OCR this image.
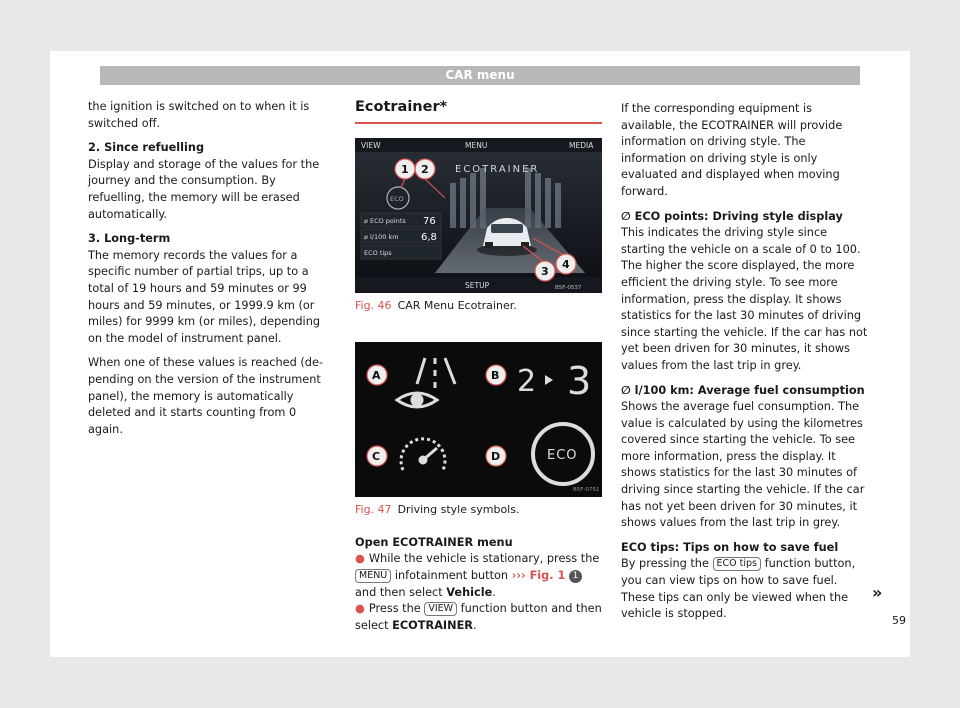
CAR menu

the ignition is switched on to when it is switched off.

2. Since refuelling
Display and storage of the values for the journey and the consumption. By refuelling, the memory will be erased automatically.

3. Long-term
The memory records the values for a specific number of partial trips, up to a total of 19 hours and 59 minutes or 99 hours and 59 minutes, or 1999.9 km (or miles) for 9999 km (or miles), depending on the model of instrument panel.

When one of these values is reached (depending on the version of the instrument panel), the memory is automatically deleted and it starts counting from 0 again.

Ecotrainer*
VIEW	MENU	MEDIA
ECOTRAINER
ECO
⌀ ECO points 76
⌀ l/100 km 6,8
ECO tips
SETUP	B5F-0537
1 2
3
4
Fig. 46 CAR Menu Ecotrainer.
2 3
ECO
A	B
C	D
B5F-0751
Fig. 47 Driving style symbols.
Open ECOTRAINER menu
● While the vehicle is stationary, press the MENU infotainment button ››› Fig. 1 1 and then select Vehicle.
● Press the VIEW function button and then select ECOTRAINER.

If the corresponding equipment is available, the ECOTRAINER will provide information on driving style. The information on driving style is only evaluated and displayed when moving forward.

∅ ECO points: Driving style display
This indicates the driving style since starting the vehicle on a scale of 0 to 100. The higher the score displayed, the more efficient the driving style. To see more information, press the display. It shows statistics for the last 30 minutes of driving since starting the vehicle. If the car has not yet been driven for 30 minutes, it shows values from the last trip in grey.

∅ l/100 km: Average fuel consumption
Shows the average fuel consumption. The value is calculated by using the kilometres covered since starting the vehicle. To see more information, press the display. It shows statistics for the last 30 minutes of driving since starting the vehicle. If the car has not yet been driven for 30 minutes, it shows values from the last trip in grey.

ECO tips: Tips on how to save fuel
By pressing the ECO tips function button, you can view tips on how to save fuel. These tips can only be viewed when the vehicle is stopped.

»
59
